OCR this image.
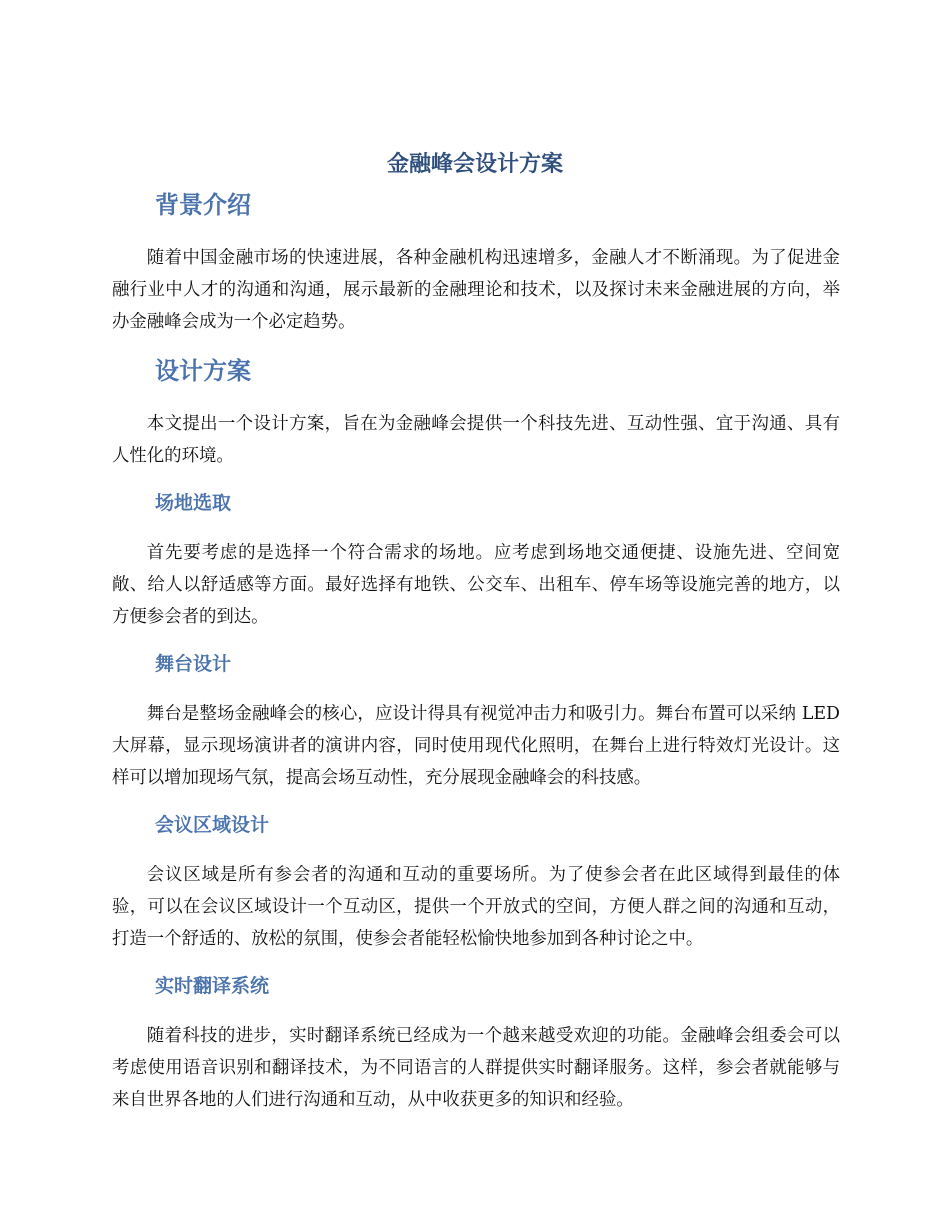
金融峰会设计方案
背景介绍

随着中国金融市场的快速进展，各种金融机构迅速增多，金融人才不断涌现。为了促进金融行业中人才的沟通和沟通，展示最新的金融理论和技术，以及探讨未来金融进展的方向，举办金融峰会成为一个必定趋势。

设计方案

本文提出一个设计方案，旨在为金融峰会提供一个科技先进、互动性强、宜于沟通、具有人性化的环境。

场地选取

首先要考虑的是选择一个符合需求的场地。应考虑到场地交通便捷、设施先进、空间宽敞、给人以舒适感等方面。最好选择有地铁、公交车、出租车、停车场等设施完善的地方，以方便参会者的到达。

舞台设计

舞台是整场金融峰会的核心，应设计得具有视觉冲击力和吸引力。舞台布置可以采纳 LED 大屏幕，显示现场演讲者的演讲内容，同时使用现代化照明，在舞台上进行特效灯光设计。这样可以增加现场气氛，提高会场互动性，充分展现金融峰会的科技感。

会议区域设计

会议区域是所有参会者的沟通和互动的重要场所。为了使参会者在此区域得到最佳的体验，可以在会议区域设计一个互动区，提供一个开放式的空间，方便人群之间的沟通和互动，打造一个舒适的、放松的氛围，使参会者能轻松愉快地参加到各种讨论之中。

实时翻译系统

随着科技的进步，实时翻译系统已经成为一个越来越受欢迎的功能。金融峰会组委会可以考虑使用语音识别和翻译技术，为不同语言的人群提供实时翻译服务。这样，参会者就能够与来自世界各地的人们进行沟通和互动，从中收获更多的知识和经验。
